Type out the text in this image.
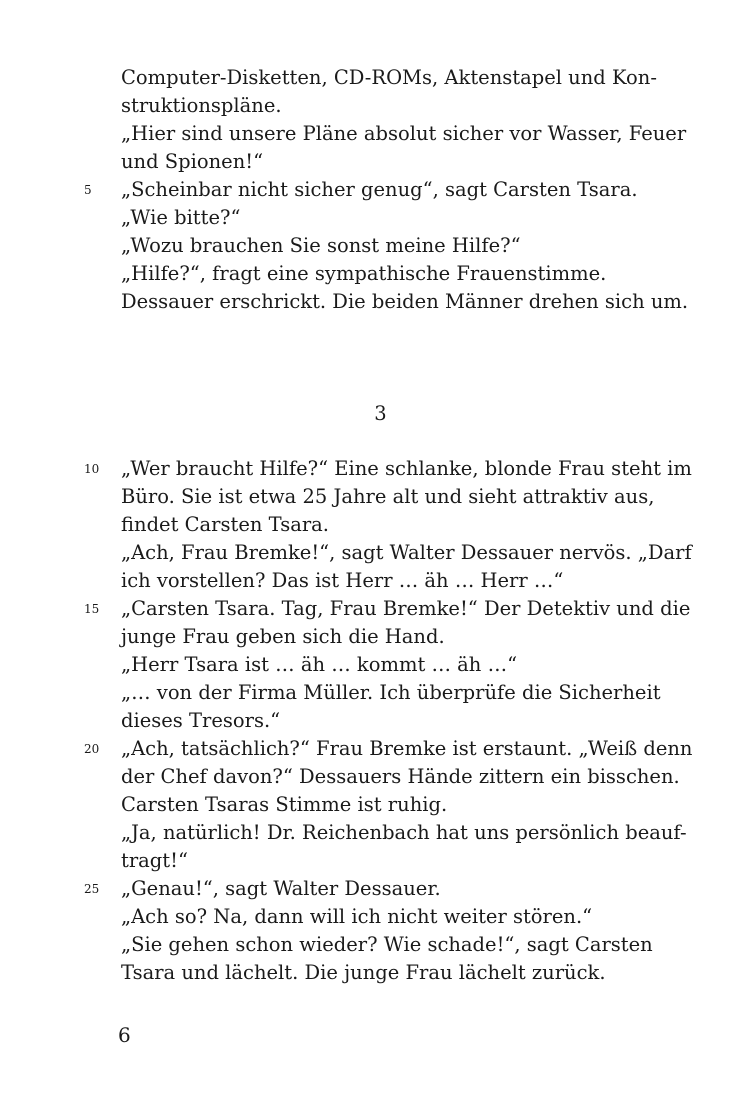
Computer-Disketten, CD-ROMs, Aktenstapel und Kon-
struktionspläne.
„Hier sind unsere Pläne absolut sicher vor Wasser, Feuer
und Spionen!“
5	„Scheinbar nicht sicher genug“, sagt Carsten Tsara.
„Wie bitte?“
„Wozu brauchen Sie sonst meine Hilfe?“
„Hilfe?“, fragt eine sympathische Frauenstimme.
Dessauer erschrickt. Die beiden Männer drehen sich um.
3
10	„Wer braucht Hilfe?“ Eine schlanke, blonde Frau steht im
Büro. Sie ist etwa 25 Jahre alt und sieht attraktiv aus,
findet Carsten Tsara.
„Ach, Frau Bremke!“, sagt Walter Dessauer nervös. „Darf
ich vorstellen? Das ist Herr … äh … Herr …“
15	„Carsten Tsara. Tag, Frau Bremke!“ Der Detektiv und die
junge Frau geben sich die Hand.
„Herr Tsara ist … äh … kommt … äh …“
„… von der Firma Müller. Ich überprüfe die Sicherheit
dieses Tresors.“
20	„Ach, tatsächlich?“ Frau Bremke ist erstaunt. „Weiß denn
der Chef davon?“ Dessauers Hände zittern ein bisschen.
Carsten Tsaras Stimme ist ruhig.
„Ja, natürlich! Dr. Reichenbach hat uns persönlich beauf-
tragt!“
25	„Genau!“, sagt Walter Dessauer.
„Ach so? Na, dann will ich nicht weiter stören.“
„Sie gehen schon wieder? Wie schade!“, sagt Carsten
Tsara und lächelt. Die junge Frau lächelt zurück.
6
